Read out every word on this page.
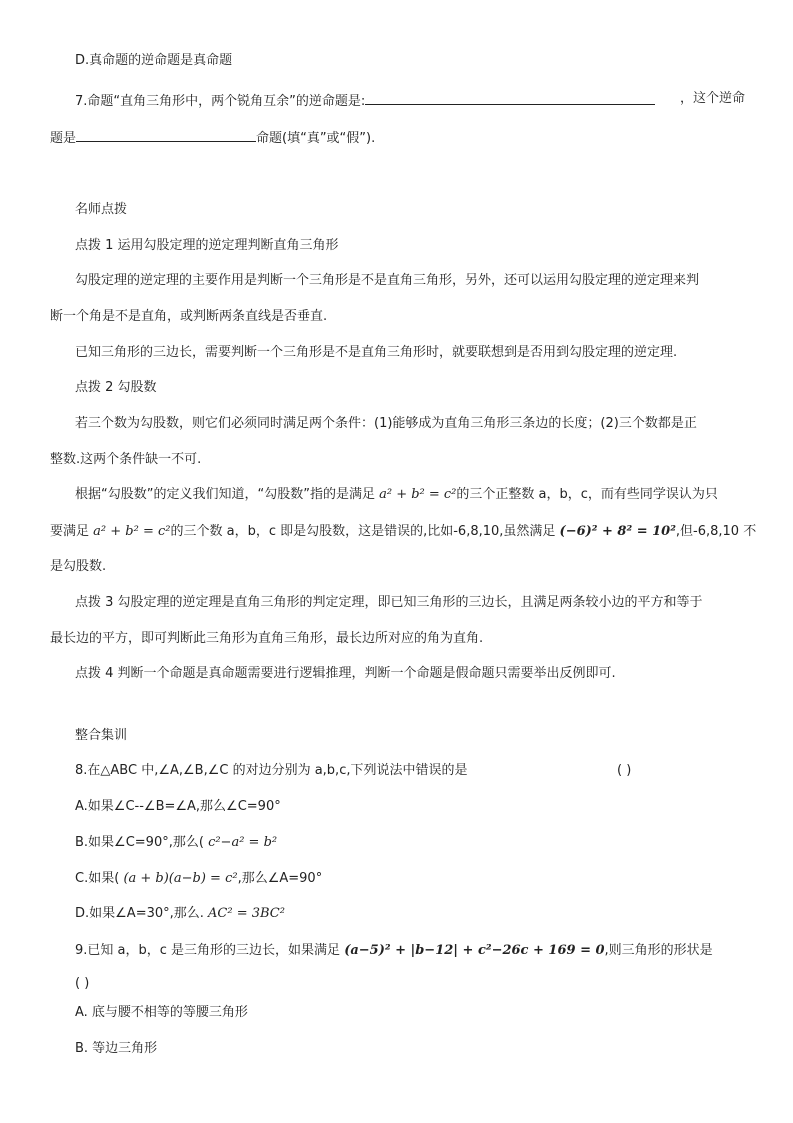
D.真命题的逆命题是真命题
7.命题“直角三角形中，两个锐角互余”的逆命题是:	，这个逆命
题是	命题(填“真”或“假”).
名师点拨
点拨 1 运用勾股定理的逆定理判断直角三角形
勾股定理的逆定理的主要作用是判断一个三角形是不是直角三角形，另外，还可以运用勾股定理的逆定理来判
断一个角是不是直角，或判断两条直线是否垂直.
已知三角形的三边长，需要判断一个三角形是不是直角三角形时，就要联想到是否用到勾股定理的逆定理.
点拨 2 勾股数
若三个数为勾股数，则它们必须同时满足两个条件：(1)能够成为直角三角形三条边的长度；(2)三个数都是正
整数.这两个条件缺一不可.
根据“勾股数”的定义我们知道，“勾股数”指的是满足 a² + b² = c²的三个正整数 a，b，c，而有些同学误认为只
要满足 a² + b² = c²的三个数 a，b，c 即是勾股数，这是错误的,比如-6,8,10,虽然满足 (−6)² + 8² = 10²,但-6,8,10 不
是勾股数.
点拨 3 勾股定理的逆定理是直角三角形的判定定理，即已知三角形的三边长，且满足两条较小边的平方和等于
最长边的平方，即可判断此三角形为直角三角形，最长边所对应的角为直角.
点拨 4 判断一个命题是真命题需要进行逻辑推理，判断一个命题是假命题只需要举出反例即可.
整合集训
8.在△ABC 中,∠A,∠B,∠C 的对边分别为 a,b,c,下列说法中错误的是	( )
A.如果∠C--∠B=∠A,那么∠C=90°
B.如果∠C=90°,那么( c²−a² = b²
C.如果( (a + b)(a−b) = c²,那么∠A=90°
D.如果∠A=30°,那么. AC² = 3BC²
9.已知 a，b，c 是三角形的三边长，如果满足 (a−5)² + |b−12| + c²−26c + 169 = 0,则三角形的形状是
( )
A. 底与腰不相等的等腰三角形
B. 等边三角形
